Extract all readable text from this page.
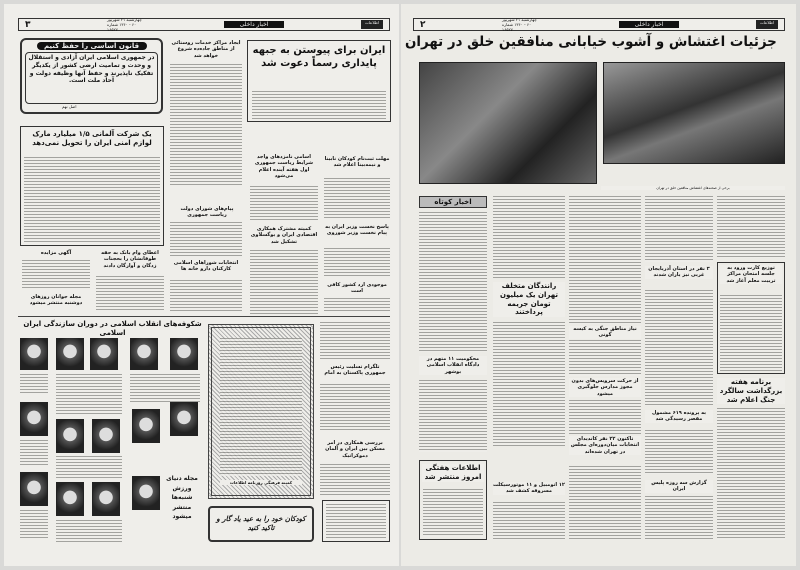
۳	چهارشنبه ۲۱ شهریور ۶۰ - ۱۳۶۰ شماره ۱۶۵۲۷
اخبار داخلی	اطلاعات
قانون اساسی را حفظ کنیم
در جمهوری اسلامی ایران آزادی و استقلال و وحدت و تمامیت ارضی کشور از یکدیگر تفکیک ناپذیرند و حفظ آنها وظیفه دولت و آحاد ملت است.
اصل نهم
ایران برای پیوستن به جبهه پایداری رسماً دعوت شد
ایجاد مراکز خدمات روستائی از مناطق جاده‌ده شروع خواهد شد
یک شرکت آلمانی ۱/۵ میلیارد مارک لوازم امنی ایران را تحویل نمی‌دهد
پیام‌های شورای دولت ریاست جمهوری
اسامی نامزدهای واجد شرایط ریاست جمهوری اول هفته آینده اعلام می‌شود
کمیته مشترک همکاری اقتصادی ایران و یوگسلاوی تشکیل شد
مهلت ثبت‌نام کودکان نابینا و نیمه‌بینا اعلام شد
پاسخ نخست وزیر ایران به پیام نخست وزیر شوروی
موجودی ارد کشور کافی است
آگهی مزایده
مجله جوانان روزهای دوشنبه منتشر میشود
اعطای وام بانک به حقه طوفانشان را بحجنات زدگان و آوارگان دادند	انتخابات شوراهای اسلامی کارکنان دارو خانه ها
شکوفه‌های انقلاب اسلامی در دوران سازندگی ایران اسلامی
مجله دنیای ورزش شنبه‌ها منتشر میشود
کمیته فرهنگی روزنامه اطلاعات
کودکان خود را به عید یاد گار و تاکید کنید
تلگرام تسلیت رئیس جمهوری پاکستان به امام
بررسی همکاری در امر مسکن بین ایران و آلمان دموکراتیک
۲	چهارشنبه ۲۱ شهریور ۶۰ - ۱۳۶۰ شماره ۱۶۵۲۷
اخبار داخلی	اطلاعات
جزئیات اغتشاش و آشوب خیابانی منافقین خلق در تهران
برخی از صحنه‌های اغتشاش منافقین خلق در تهران
اخبار کوتاه
محکومیت ۱۱ متهم در دادگاه انقلاب اسلامی بوشهر
اطلاعات هفتگی امروز منتشر شد
رانندگان متخلف تهران یک میلیون تومان جریمه پرداختند
۱۲ اتومبیل و ۱۱ موتورسیکلت مسروقه کشف شد
نیاز مناطق جنگی به کیسه گونی
از حرکت سرویس‌های بدون مجوز مدارس جلوگیری میشود
تاکنون ۲۲ نفر کاندیدای انتخابات میان‌دوره‌ای مجلس در تهران شده‌اند
۳ نفر در استان آذربایجان غربی نیز یاران شدند
به پرونده ۶۱۹ مشمول مقصر رسیدگی شد
گزارش سه روزه پلیس ایران
توزیع کارت ورود به جلسه امتحان مراکز تربیت معلم آغاز شد
برنامه هفته بزرگداشت سالگرد جنگ اعلام شد
